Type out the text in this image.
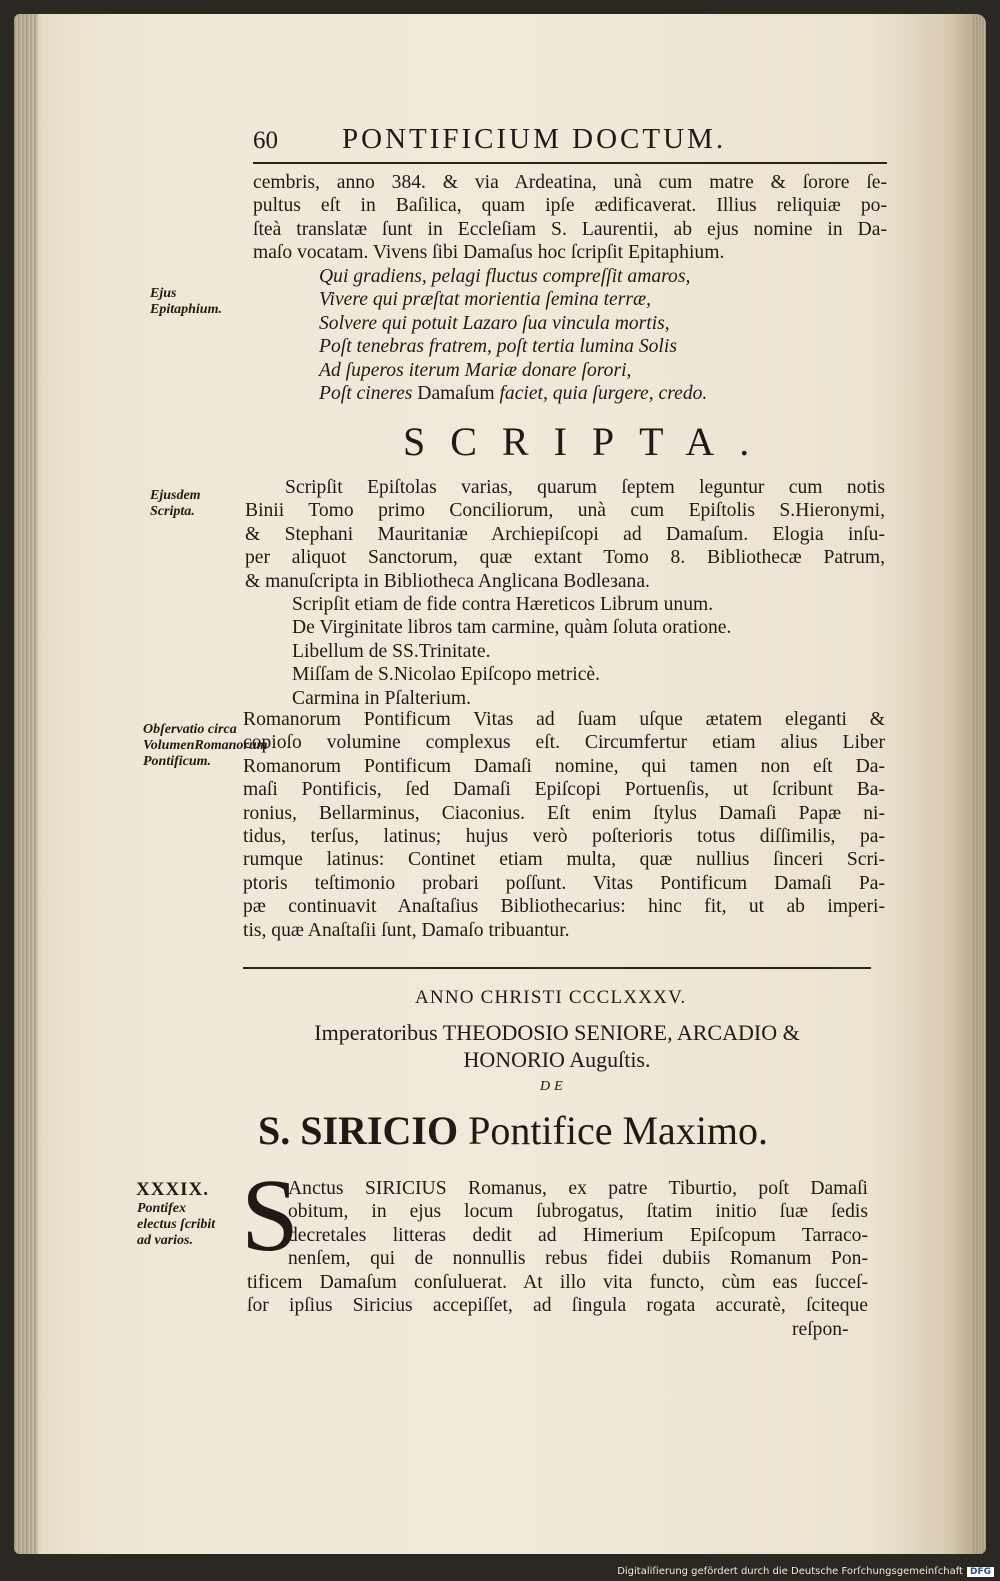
60 PONTIFICIUM DOCTUM.
cembris, anno 384. & via Ardeatina, unà cum matre & ſorore ſe-
pultus eſt in Baſilica, quam ipſe ædificaverat. Illius reliquiæ po-
ſteà translatæ ſunt in Eccleſiam S. Laurentii, ab ejus nomine in Da-
maſo vocatam. Vivens ſibi Damaſus hoc ſcripſit Epitaphium.
Ejus Epitaphium.
Qui gradiens, pelagi fluctus compreſſit amaros,
Vivere qui præſtat morientia ſemina terræ,
Solvere qui potuit Lazaro ſua vincula mortis,
Poſt tenebras fratrem, poſt tertia lumina Solis
Ad ſuperos iterum Mariæ donare ſorori,
Poſt cineres Damaſum faciet, quia ſurgere, credo.
SCRIPTA.
Ejusdem Scripta.
Scripſit Epiſtolas varias, quarum ſeptem leguntur cum notis
Binii Tomo primo Conciliorum, unà cum Epiſtolis S.Hieronymi,
& Stephani Mauritaniæ Archiepiſcopi ad Damaſum. Elogia inſu-
per aliquot Sanctorum, quæ extant Tomo 8. Bibliothecæ Patrum,
& manuſcripta in Bibliotheca Anglicana Bodleзana.
Scripſit etiam de fide contra Hæreticos Librum unum.
De Virginitate libros tam carmine, quàm ſoluta oratione.
Libellum de SS.Trinitate.
Miſſam de S.Nicolao Epiſcopo metricè.
Carmina in Pſalterium.
Obſervatio circa VolumenRomanorum Pontificum.
Romanorum Pontificum Vitas ad ſuam uſque ætatem eleganti &
copioſo volumine complexus eſt. Circumfertur etiam alius Liber
Romanorum Pontificum Damaſi nomine, qui tamen non eſt Da-
maſi Pontificis, ſed Damaſi Epiſcopi Portuenſis, ut ſcribunt Ba-
ronius, Bellarminus, Ciaconius. Eſt enim ſtylus Damaſi Papæ ni-
tidus, terſus, latinus; hujus verò poſterioris totus diſſimilis, pa-
rumque latinus: Continet etiam multa, quæ nullius ſinceri Scri-
ptoris teſtimonio probari poſſunt. Vitas Pontificum Damaſi Pa-
pæ continuavit Anaſtaſius Bibliothecarius: hinc fit, ut ab imperi-
tis, quæ Anaſtaſii ſunt, Damaſo tribuantur.
ANNO CHRISTI CCCLXXXV.
Imperatoribus THEODOSIO SENIORE, ARCADIO & HONORIO Auguſtis.
DE
S. SIRICIO Pontifice Maximo.
XXXIX.
Pontifex electus ſcribit ad varios. S
Anctus SIRICIUS Romanus, ex patre Tiburtio, poſt Damaſi
obitum, in ejus locum ſubrogatus, ſtatim initio ſuæ ſedis
decretales litteras dedit ad Himerium Epiſcopum Tarraco-
nenſem, qui de nonnullis rebus fidei dubiis Romanum Pon-
tificem Damaſum conſuluerat. At illo vita functo, cùm eas ſucceſ-
ſor ipſius Siricius accepiſſet, ad ſingula rogata accuratè, ſciteque
reſpon-
Digitaliſierung gefördert durch die Deutsche Forſchungsgemeinſchaft DFG
